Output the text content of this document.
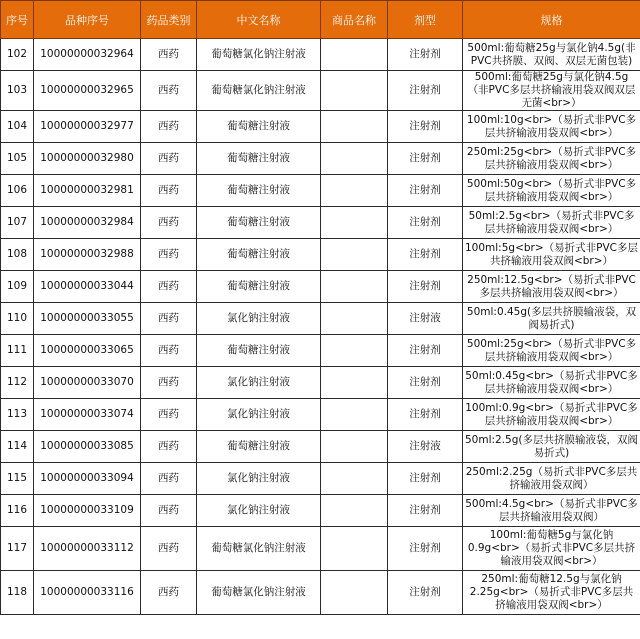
序号	品种序号	药品类别	中文名称	商品名称	剂型	规格
102	10000000032964	西药	葡萄糖氯化钠注射液		注射剂	500ml:葡萄糖25g与氯化钠4.5g(非PVC共挤膜、双阀、双层无菌包装)
103	10000000032965	西药	葡萄糖氯化钠注射液		注射剂	500ml:葡萄糖25g与氯化钠4.5g（非PVC多层共挤输液用袋双阀双层无菌<br>）
104	10000000032977	西药	葡萄糖注射液		注射剂	100ml:10g<br>（易折式非PVC多层共挤输液用袋双阀<br>）
105	10000000032980	西药	葡萄糖注射液		注射剂	250ml:25g<br>（易折式非PVC多层共挤输液用袋双阀<br>）
106	10000000032981	西药	葡萄糖注射液		注射剂	500ml:50g<br>（易折式非PVC多层共挤输液用袋双阀<br>）
107	10000000032984	西药	葡萄糖注射液		注射剂	50ml:2.5g<br>（易折式非PVC多层共挤输液用袋双阀<br>）
108	10000000032988	西药	葡萄糖注射液		注射剂	100ml:5g<br>（易折式非PVC多层共挤输液用袋双阀<br>）
109	10000000033044	西药	葡萄糖注射液		注射剂	250ml:12.5g<br>（易折式非PVC多层共挤输液用袋双阀<br>）
110	10000000033055	西药	氯化钠注射液		注射液	50ml:0.45g(多层共挤膜输液袋，双阀易折式)
111	10000000033065	西药	葡萄糖注射液		注射剂	500ml:25g<br>（易折式非PVC多层共挤输液用袋双阀<br>）
112	10000000033070	西药	氯化钠注射液		注射剂	50ml:0.45g<br>（易折式非PVC多层共挤输液用袋双阀<br>）
113	10000000033074	西药	氯化钠注射液		注射剂	100ml:0.9g<br>（易折式非PVC多层共挤输液用袋双阀<br>）
114	10000000033085	西药	葡萄糖注射液		注射液	50ml:2.5g(多层共挤膜输液袋，双阀易折式)
115	10000000033094	西药	氯化钠注射液		注射剂	250ml:2.25g（易折式非PVC多层共挤输液用袋双阀）
116	10000000033109	西药	氯化钠注射液		注射剂	500ml:4.5g<br>（易折式非PVC多层共挤输液用袋双阀）
117	10000000033112	西药	葡萄糖氯化钠注射液		注射剂	100ml:葡萄糖5g与氯化钠0.9g<br>（易折式非PVC多层共挤输液用袋双阀<br>）
118	10000000033116	西药	葡萄糖氯化钠注射液		注射剂	250ml:葡萄糖12.5g与氯化钠2.25g<br>（易折式非PVC多层共挤输液用袋双阀<br>）
